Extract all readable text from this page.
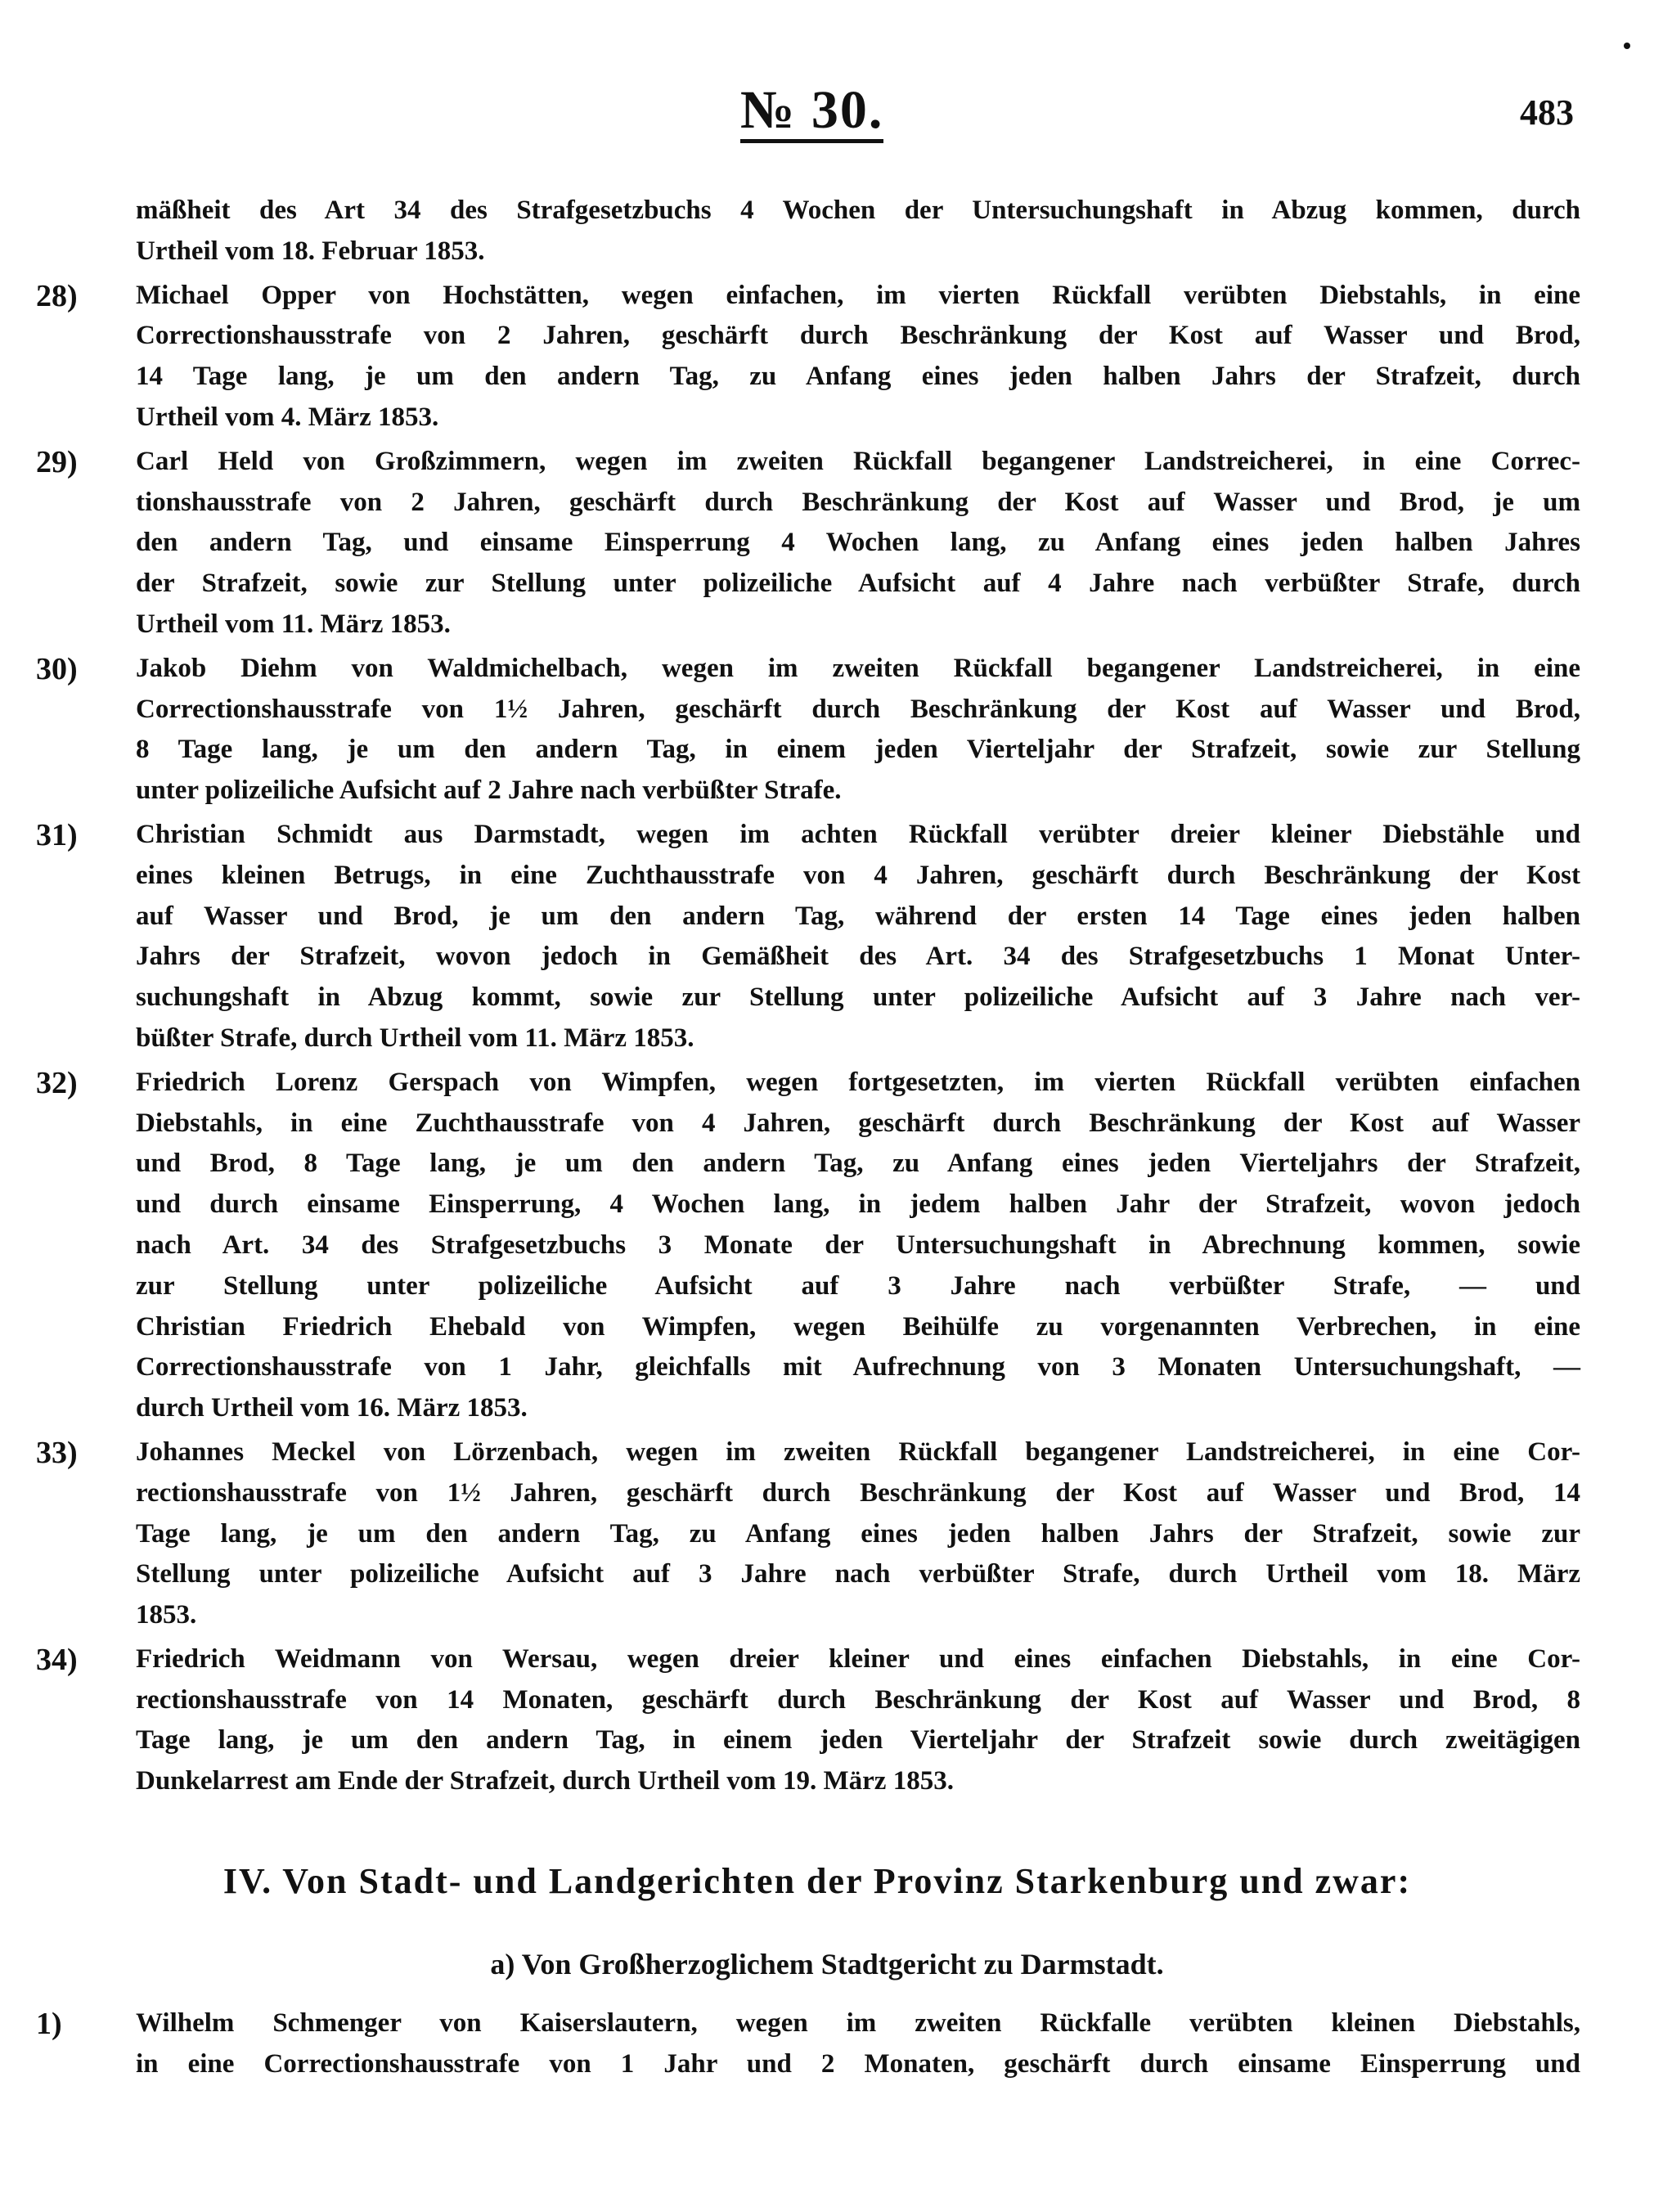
№ 30.	483
mäßheit des Art 34 des Strafgesetzbuchs 4 Wochen der Untersuchungshaft in Abzug kommen, durch
Urtheil vom 18. Februar 1853.
28) Michael Opper von Hochstätten, wegen einfachen, im vierten Rückfall verübten Diebstahls, in eine
Correctionshausstrafe von 2 Jahren, geschärft durch Beschränkung der Kost auf Wasser und Brod,
14 Tage lang, je um den andern Tag, zu Anfang eines jeden halben Jahrs der Strafzeit, durch
Urtheil vom 4. März 1853.
29) Carl Held von Großzimmern, wegen im zweiten Rückfall begangener Landstreicherei, in eine Correc-
tionshausstrafe von 2 Jahren, geschärft durch Beschränkung der Kost auf Wasser und Brod, je um
den andern Tag, und einsame Einsperrung 4 Wochen lang, zu Anfang eines jeden halben Jahres
der Strafzeit, sowie zur Stellung unter polizeiliche Aufsicht auf 4 Jahre nach verbüßter Strafe, durch
Urtheil vom 11. März 1853.
30) Jakob Diehm von Waldmichelbach, wegen im zweiten Rückfall begangener Landstreicherei, in eine
Correctionshausstrafe von 1½ Jahren, geschärft durch Beschränkung der Kost auf Wasser und Brod,
8 Tage lang, je um den andern Tag, in einem jeden Vierteljahr der Strafzeit, sowie zur Stellung
unter polizeiliche Aufsicht auf 2 Jahre nach verbüßter Strafe.
31) Christian Schmidt aus Darmstadt, wegen im achten Rückfall verübter dreier kleiner Diebstähle und
eines kleinen Betrugs, in eine Zuchthausstrafe von 4 Jahren, geschärft durch Beschränkung der Kost
auf Wasser und Brod, je um den andern Tag, während der ersten 14 Tage eines jeden halben
Jahrs der Strafzeit, wovon jedoch in Gemäßheit des Art. 34 des Strafgesetzbuchs 1 Monat Unter-
suchungshaft in Abzug kommt, sowie zur Stellung unter polizeiliche Aufsicht auf 3 Jahre nach ver-
büßter Strafe, durch Urtheil vom 11. März 1853.
32) Friedrich Lorenz Gerspach von Wimpfen, wegen fortgesetzten, im vierten Rückfall verübten einfachen
Diebstahls, in eine Zuchthausstrafe von 4 Jahren, geschärft durch Beschränkung der Kost auf Wasser
und Brod, 8 Tage lang, je um den andern Tag, zu Anfang eines jeden Vierteljahrs der Strafzeit,
und durch einsame Einsperrung, 4 Wochen lang, in jedem halben Jahr der Strafzeit, wovon jedoch
nach Art. 34 des Strafgesetzbuchs 3 Monate der Untersuchungshaft in Abrechnung kommen, sowie
zur Stellung unter polizeiliche Aufsicht auf 3 Jahre nach verbüßter Strafe, — und
Christian Friedrich Ehebald von Wimpfen, wegen Beihülfe zu vorgenannten Verbrechen, in eine
Correctionshausstrafe von 1 Jahr, gleichfalls mit Aufrechnung von 3 Monaten Untersuchungshaft, —
durch Urtheil vom 16. März 1853.
33) Johannes Meckel von Lörzenbach, wegen im zweiten Rückfall begangener Landstreicherei, in eine Cor-
rectionshausstrafe von 1½ Jahren, geschärft durch Beschränkung der Kost auf Wasser und Brod, 14
Tage lang, je um den andern Tag, zu Anfang eines jeden halben Jahrs der Strafzeit, sowie zur
Stellung unter polizeiliche Aufsicht auf 3 Jahre nach verbüßter Strafe, durch Urtheil vom 18. März
1853.
34) Friedrich Weidmann von Wersau, wegen dreier kleiner und eines einfachen Diebstahls, in eine Cor-
rectionshausstrafe von 14 Monaten, geschärft durch Beschränkung der Kost auf Wasser und Brod, 8
Tage lang, je um den andern Tag, in einem jeden Vierteljahr der Strafzeit sowie durch zweitägigen
Dunkelarrest am Ende der Strafzeit, durch Urtheil vom 19. März 1853.
IV. Von Stadt- und Landgerichten der Provinz Starkenburg und zwar:
a) Von Großherzoglichem Stadtgericht zu Darmstadt.
1)	Wilhelm Schmenger von Kaiserslautern, wegen im zweiten Rückfalle verübten kleinen Diebstahls,
in eine Correctionshausstrafe von 1 Jahr und 2 Monaten, geschärft durch einsame Einsperrung und
